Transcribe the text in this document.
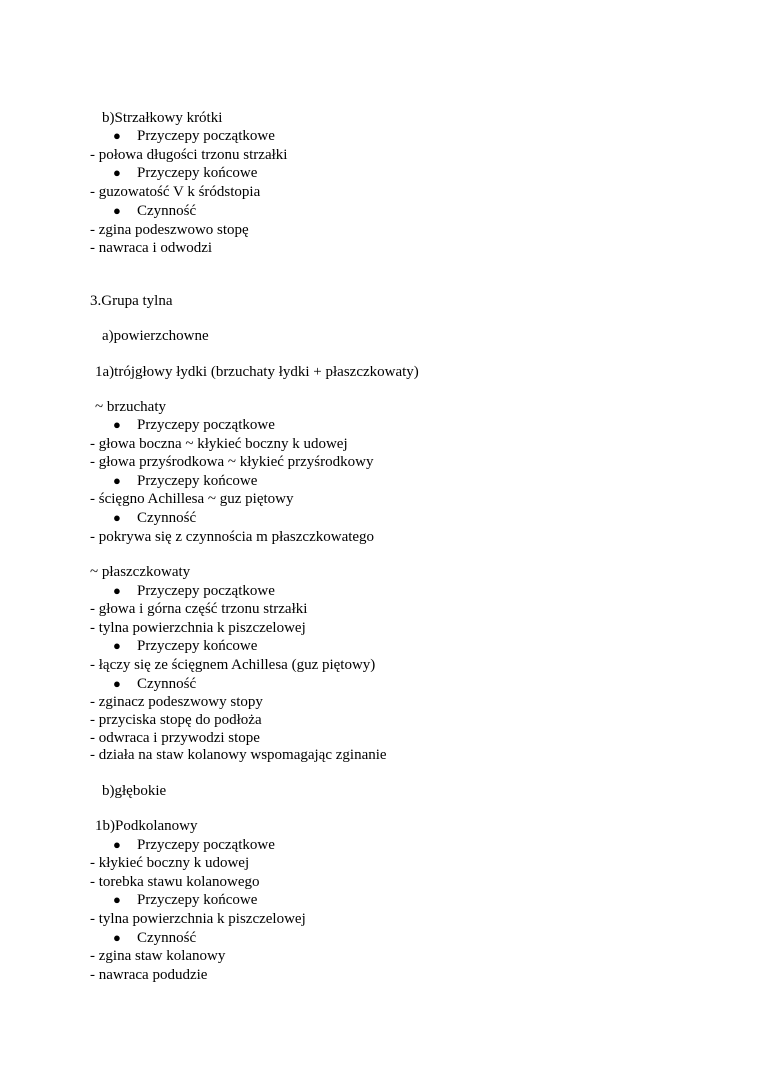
b)Strzałkowy krótki
● Przyczepy początkowe
- połowa długości trzonu strzałki
● Przyczepy końcowe
- guzowatość V k śródstopia
● Czynność
- zgina podeszwowo stopę
- nawraca i odwodzi
3.Grupa tylna
a)powierzchowne
1a)trójgłowy łydki (brzuchaty łydki + płaszczkowaty)
~ brzuchaty
● Przyczepy początkowe
- głowa boczna ~ kłykieć boczny k udowej
- głowa przyśrodkowa ~ kłykieć przyśrodkowy
● Przyczepy końcowe
- ścięgno Achillesa ~ guz piętowy
● Czynność
- pokrywa się z czynnościa m płaszczkowatego
~ płaszczkowaty
● Przyczepy początkowe
- głowa i górna część trzonu strzałki
- tylna powierzchnia k piszczelowej
● Przyczepy końcowe
- łączy się ze ścięgnem Achillesa (guz piętowy)
● Czynność
- zginacz podeszwowy stopy
- przyciska stopę do podłoża
- odwraca i przywodzi stope
- działa na staw kolanowy wspomagając zginanie
b)głębokie
1b)Podkolanowy
● Przyczepy początkowe
- kłykieć boczny k udowej
- torebka stawu kolanowego
● Przyczepy końcowe
- tylna powierzchnia k piszczelowej
● Czynność
- zgina staw kolanowy
- nawraca podudzie
